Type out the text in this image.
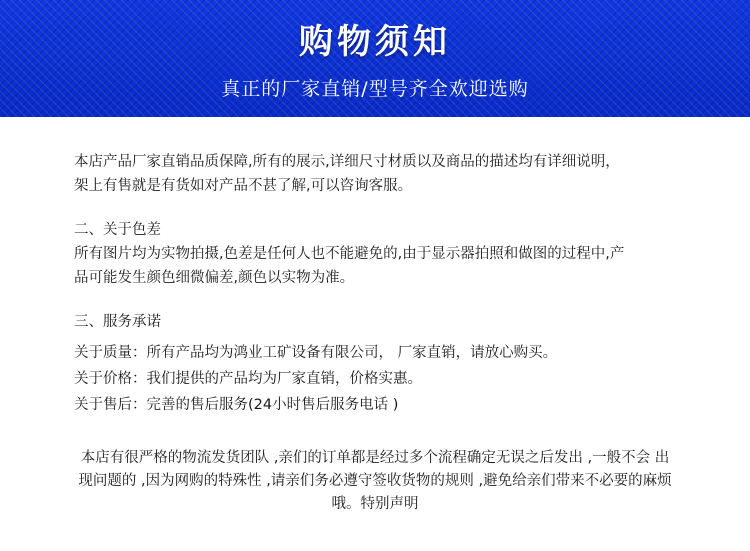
购物须知
真正的厂家直销/型号齐全欢迎选购

本店产品厂家直销品质保障,所有的展示,详细尺寸材质以及商品的描述均有详细说明，

架上有售就是有货如对产品不甚了解,可以咨询客服。

二、关于色差

所有图片均为实物拍摄,色差是任何人也不能避免的,由于显示器拍照和做图的过程中,产

品可能发生颜色细微偏差,颜色以实物为准。

三、服务承诺

关于质量：所有产品均为鸿业工矿设备有限公司， 厂家直销，请放心购买。

关于价格：我们提供的产品均为厂家直销，价格实惠。

关于售后：完善的售后服务(24小时售后服务电话 )

本店有很严格的物流发货团队 ,亲们的订单都是经过多个流程确定无误之后发出 ,一般不会 出
现问题的 ,因为网购的特殊性 ,请亲们务必遵守签收货物的规则 ,避免给亲们带来不必要的麻烦
哦。特别声明
